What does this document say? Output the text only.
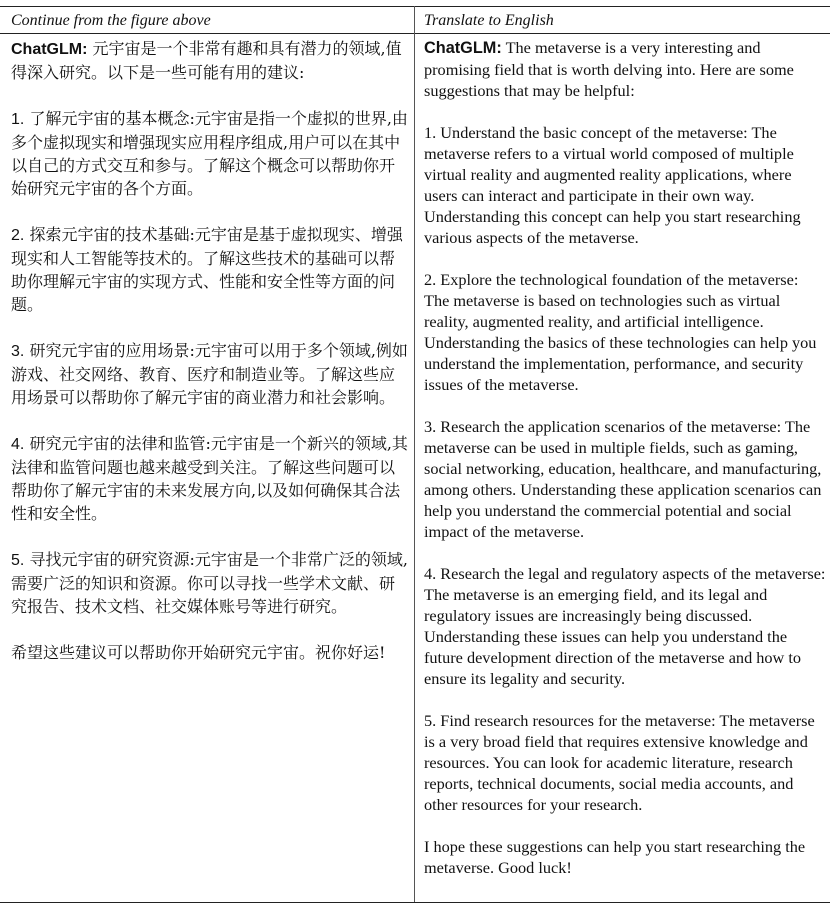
Continue from the figure above	Translate to English

ChatGLM: 元宇宙是一个非常有趣和具有潜力的领域,值得深入研究。以下是一些可能有用的建议:

1. 了解元宇宙的基本概念:元宇宙是指一个虚拟的世界,由多个虚拟现实和增强现实应用程序组成,用户可以在其中以自己的方式交互和参与。了解这个概念可以帮助你开始研究元宇宙的各个方面。

2. 探索元宇宙的技术基础:元宇宙是基于虚拟现实、增强现实和人工智能等技术的。了解这些技术的基础可以帮助你理解元宇宙的实现方式、性能和安全性等方面的问题。

3. 研究元宇宙的应用场景:元宇宙可以用于多个领域,例如游戏、社交网络、教育、医疗和制造业等。了解这些应用场景可以帮助你了解元宇宙的商业潜力和社会影响。

4. 研究元宇宙的法律和监管:元宇宙是一个新兴的领域,其法律和监管问题也越来越受到关注。了解这些问题可以帮助你了解元宇宙的未来发展方向,以及如何确保其合法性和安全性。

5. 寻找元宇宙的研究资源:元宇宙是一个非常广泛的领域,需要广泛的知识和资源。你可以寻找一些学术文献、研究报告、技术文档、社交媒体账号等进行研究。

希望这些建议可以帮助你开始研究元宇宙。祝你好运!

ChatGLM: The metaverse is a very interesting and promising field that is worth delving into. Here are some suggestions that may be helpful:

1. Understand the basic concept of the metaverse: The metaverse refers to a virtual world composed of multiple virtual reality and augmented reality applications, where users can interact and participate in their own way. Understanding this concept can help you start researching various aspects of the metaverse.

2. Explore the technological foundation of the metaverse: The metaverse is based on technologies such as virtual reality, augmented reality, and artificial intelligence. Understanding the basics of these technologies can help you understand the implementation, performance, and security issues of the metaverse.

3. Research the application scenarios of the metaverse: The metaverse can be used in multiple fields, such as gaming, social networking, education, healthcare, and manufacturing, among others. Understanding these application scenarios can help you understand the commercial potential and social impact of the metaverse.

4. Research the legal and regulatory aspects of the metaverse: The metaverse is an emerging field, and its legal and regulatory issues are increasingly being discussed. Understanding these issues can help you understand the future development direction of the metaverse and how to ensure its legality and security.

5. Find research resources for the metaverse: The metaverse is a very broad field that requires extensive knowledge and resources. You can look for academic literature, research reports, technical documents, social media accounts, and other resources for your research.

I hope these suggestions can help you start researching the metaverse. Good luck!
